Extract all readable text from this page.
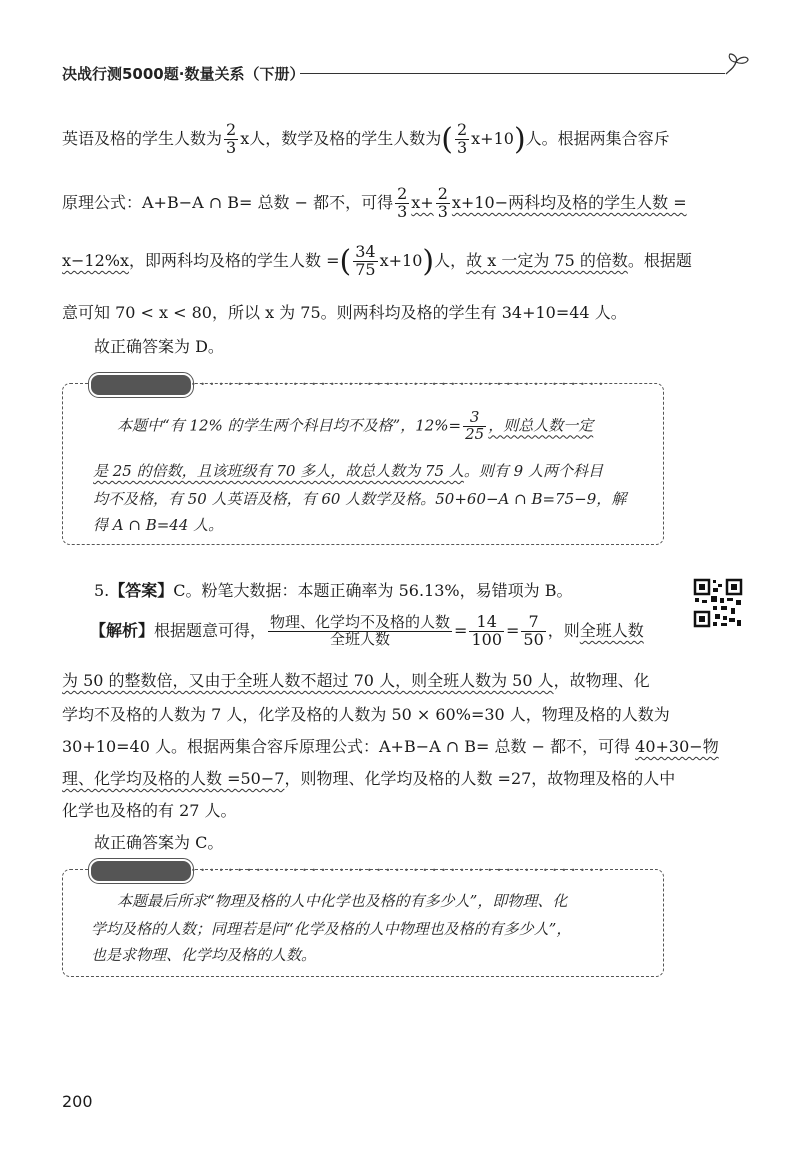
决战行测5000题·数量关系（下册）
英语及格的学生人数为 $\frac{2}{3}$ x人，数学及格的学生人数为( $\frac{2}{3} x+10$)人。根据两集合容斥
原理公式：A+B−A ∩ B= 总数 − 都不，可得 $\frac{2}{3} x+ \frac{2}{3} x+10-$两科均及格的学生人数 =
x−12%x，即两科均及格的学生人数 =( $\frac{34}{75} x+10$)人，故 x 一定为 75 的倍数。根据题
意可知 70 < x < 80，所以 x 为 75。则两科均及格的学生有 34+10=44 人。
故正确答案为 D。
• • • • • • • • • • • • • • • • • • • • • • • • • • • • • • • • • • • • • • • • • • • • •
本题中“有 12% 的学生两个科目均不及格”，$12\%= \frac{3}{25}$ ，则总人数一定
是 25 的倍数，且该班级有 70 多人，故总人数为 75 人。则有 9 人两个科目
均不及格，有 50 人英语及格，有 60 人数学及格。50+60−A ∩ B=75−9，解
得 A ∩ B=44 人。
5.【答案】C。粉笔大数据：本题正确率为 56.13%，易错项为 B。
【解析】根据题意可得， $\frac{\text{物理、化学均不及格的人数}}{\text{全班人数}} = \frac{14}{100} = \frac{7}{50}$ ，则全班人数
为 50 的整数倍，又由于全班人数不超过 70 人，则全班人数为 50 人，故物理、化
学均不及格的人数为 7 人，化学及格的人数为 50 × 60%=30 人，物理及格的人数为
30+10=40 人。根据两集合容斥原理公式：A+B−A ∩ B= 总数 − 都不，可得 40+30−物
理、化学均及格的人数 =50−7，则物理、化学均及格的人数 =27，故物理及格的人中
化学也及格的有 27 人。
故正确答案为 C。
• • • • • • • • • • • • • • • • • • • • • • • • • • • • • • • • • • • • • • • • • • • • •
本题最后所求“物理及格的人中化学也及格的有多少人”，即物理、化
学均及格的人数；同理若是问“化学及格的人中物理也及格的有多少人”，
也是求物理、化学均及格的人数。
200
